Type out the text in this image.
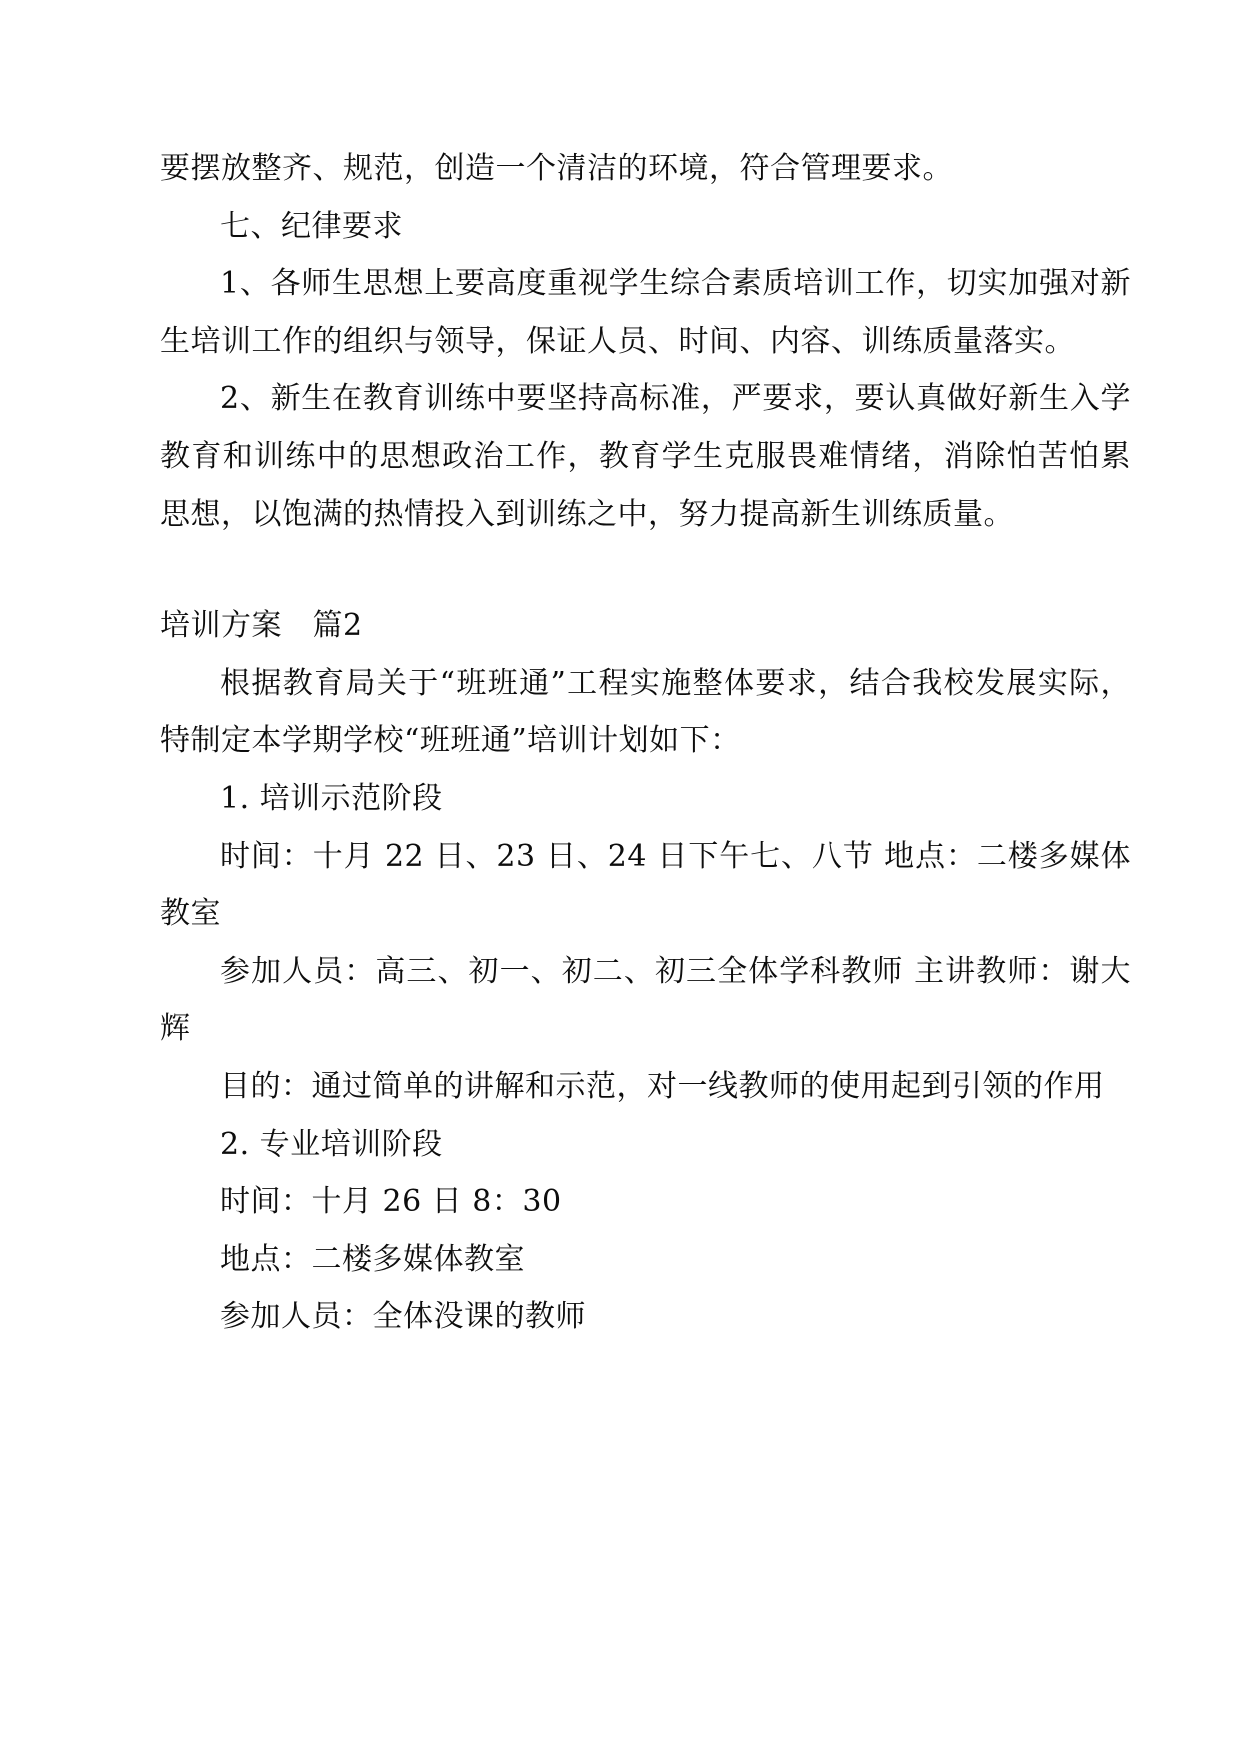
要摆放整齐、规范，创造一个清洁的环境，符合管理要求。

七、纪律要求

1、各师生思想上要高度重视学生综合素质培训工作，切实加强对新生培训工作的组织与领导，保证人员、时间、内容、训练质量落实。

2、新生在教育训练中要坚持高标准，严要求，要认真做好新生入学教育和训练中的思想政治工作，教育学生克服畏难情绪，消除怕苦怕累思想，以饱满的热情投入到训练之中，努力提高新生训练质量。

培训方案　篇2

根据教育局关于“班班通”工程实施整体要求，结合我校发展实际，特制定本学期学校“班班通”培训计划如下：

1. 培训示范阶段

时间：十月 22 日、23 日、24 日下午七、八节 地点：二楼多媒体教室

参加人员：高三、初一、初二、初三全体学科教师 主讲教师：谢大辉

目的：通过简单的讲解和示范，对一线教师的使用起到引领的作用

2. 专业培训阶段

时间：十月 26 日 8：30

地点：二楼多媒体教室

参加人员：全体没课的教师
